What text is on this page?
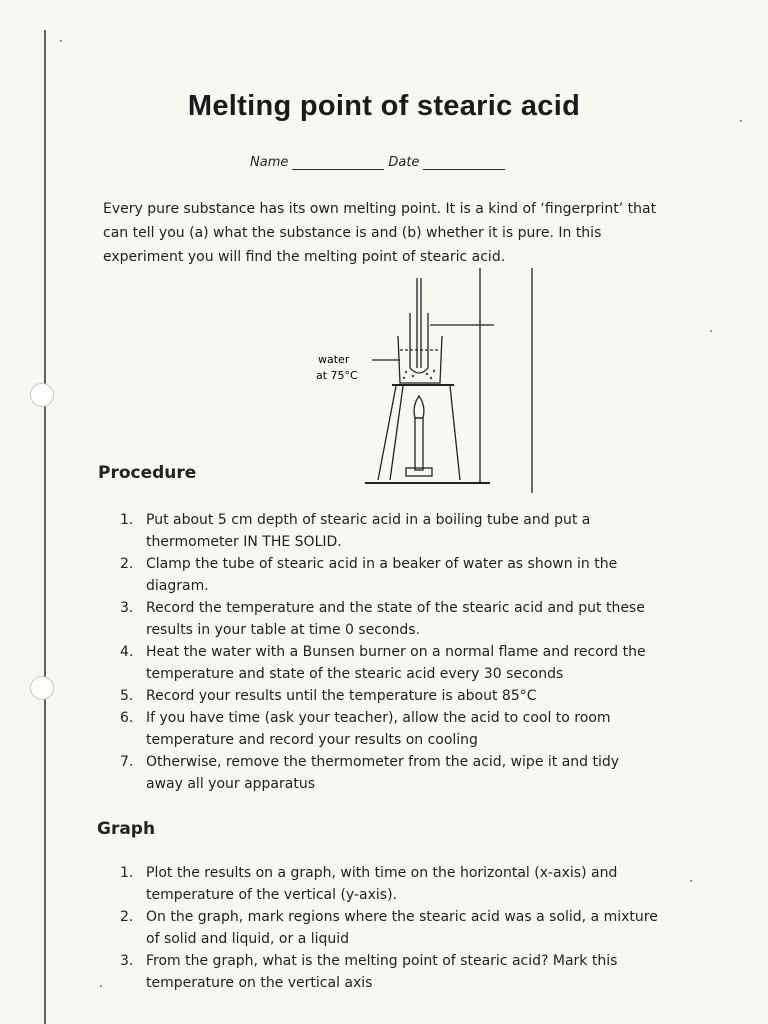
Melting point of stearic acid
Name	Date
Every pure substance has its own melting point. It is a kind of ‘fingerprint’ that can tell you (a) what the substance is and (b) whether it is pure. In this experiment you will find the melting point of stearic acid.
water
at 75°C
Procedure
1. Put about 5 cm depth of stearic acid in a boiling tube and put a thermometer IN THE SOLID.
2. Clamp the tube of stearic acid in a beaker of water as shown in the diagram.
3. Record the temperature and the state of the stearic acid and put these results in your table at time 0 seconds.
4. Heat the water with a Bunsen burner on a normal flame and record the temperature and state of the stearic acid every 30 seconds
5. Record your results until the temperature is about 85°C
6. If you have time (ask your teacher), allow the acid to cool to room temperature and record your results on cooling
7. Otherwise, remove the thermometer from the acid, wipe it and tidy away all your apparatus
Graph
1. Plot the results on a graph, with time on the horizontal (x-axis) and temperature of the vertical (y-axis).
2. On the graph, mark regions where the stearic acid was a solid, a mixture of solid and liquid, or a liquid
3. From the graph, what is the melting point of stearic acid? Mark this temperature on the vertical axis
